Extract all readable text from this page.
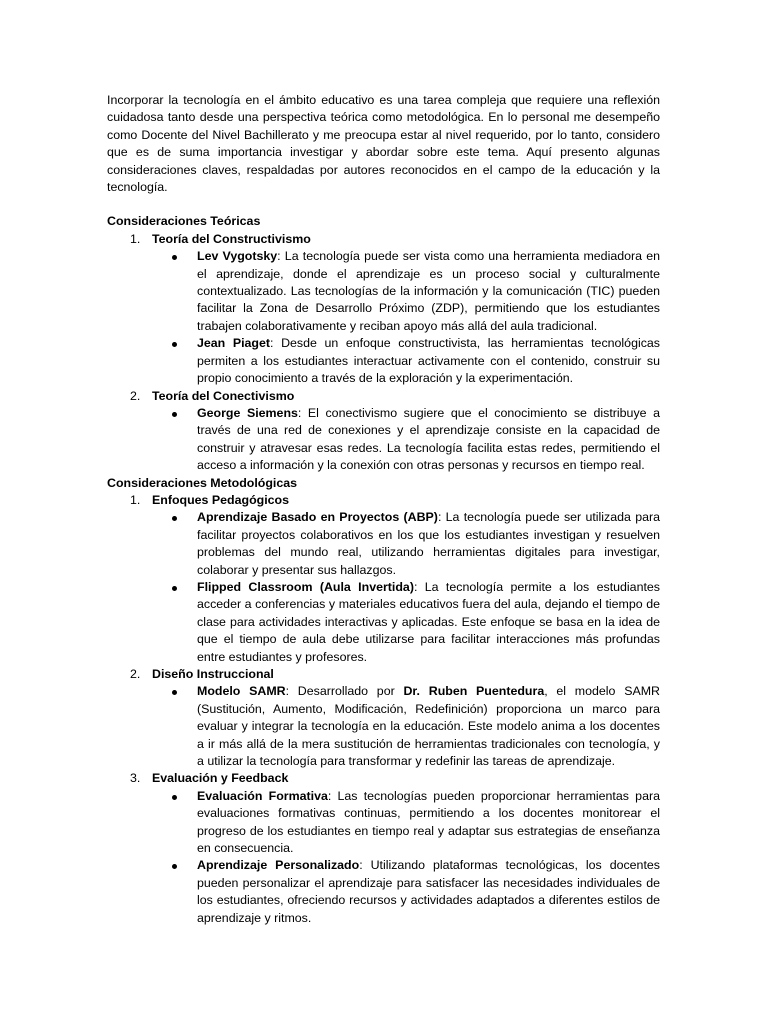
Incorporar la tecnología en el ámbito educativo es una tarea compleja que requiere una reflexión cuidadosa tanto desde una perspectiva teórica como metodológica. En lo personal me desempeño como Docente del Nivel Bachillerato y me preocupa estar al nivel requerido, por lo tanto, considero que es de suma importancia investigar y abordar sobre este tema. Aquí presento algunas consideraciones claves, respaldadas por autores reconocidos en el campo de la educación y la tecnología.

Consideraciones Teóricas

1. Teoría del Constructivismo
Lev Vygotsky: La tecnología puede ser vista como una herramienta mediadora en el aprendizaje, donde el aprendizaje es un proceso social y culturalmente contextualizado. Las tecnologías de la información y la comunicación (TIC) pueden facilitar la Zona de Desarrollo Próximo (ZDP), permitiendo que los estudiantes trabajen colaborativamente y reciban apoyo más allá del aula tradicional.
Jean Piaget: Desde un enfoque constructivista, las herramientas tecnológicas permiten a los estudiantes interactuar activamente con el contenido, construir su propio conocimiento a través de la exploración y la experimentación.
2. Teoría del Conectivismo
George Siemens: El conectivismo sugiere que el conocimiento se distribuye a través de una red de conexiones y el aprendizaje consiste en la capacidad de construir y atravesar esas redes. La tecnología facilita estas redes, permitiendo el acceso a información y la conexión con otras personas y recursos en tiempo real.

Consideraciones Metodológicas

1. Enfoques Pedagógicos
Aprendizaje Basado en Proyectos (ABP): La tecnología puede ser utilizada para facilitar proyectos colaborativos en los que los estudiantes investigan y resuelven problemas del mundo real, utilizando herramientas digitales para investigar, colaborar y presentar sus hallazgos.
Flipped Classroom (Aula Invertida): La tecnología permite a los estudiantes acceder a conferencias y materiales educativos fuera del aula, dejando el tiempo de clase para actividades interactivas y aplicadas. Este enfoque se basa en la idea de que el tiempo de aula debe utilizarse para facilitar interacciones más profundas entre estudiantes y profesores.
2. Diseño Instruccional
Modelo SAMR: Desarrollado por Dr. Ruben Puentedura, el modelo SAMR (Sustitución, Aumento, Modificación, Redefinición) proporciona un marco para evaluar y integrar la tecnología en la educación. Este modelo anima a los docentes a ir más allá de la mera sustitución de herramientas tradicionales con tecnología, y a utilizar la tecnología para transformar y redefinir las tareas de aprendizaje.
3. Evaluación y Feedback
Evaluación Formativa: Las tecnologías pueden proporcionar herramientas para evaluaciones formativas continuas, permitiendo a los docentes monitorear el progreso de los estudiantes en tiempo real y adaptar sus estrategias de enseñanza en consecuencia.
Aprendizaje Personalizado: Utilizando plataformas tecnológicas, los docentes pueden personalizar el aprendizaje para satisfacer las necesidades individuales de los estudiantes, ofreciendo recursos y actividades adaptados a diferentes estilos de aprendizaje y ritmos.
